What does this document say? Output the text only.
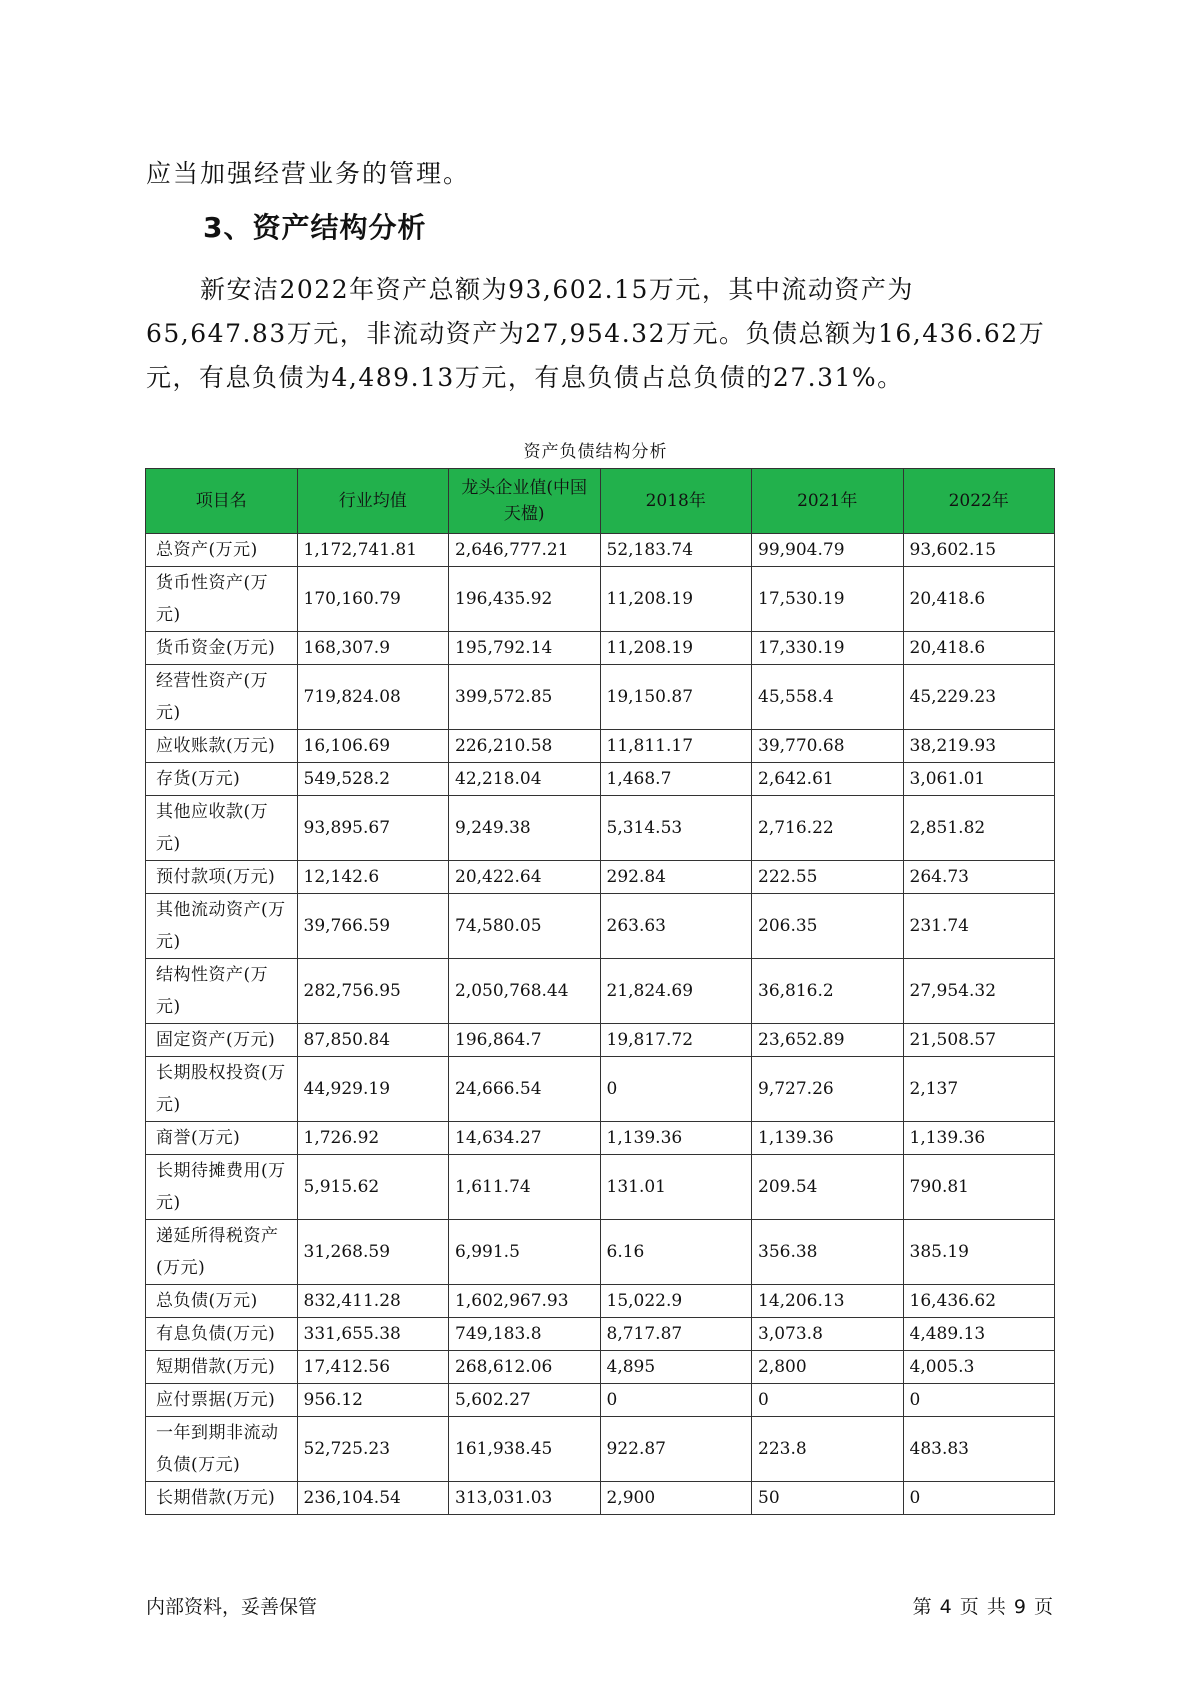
应当加强经营业务的管理。

3、资产结构分析

新安洁2022年资产总额为93,602.15万元，其中流动资产为65,647.83万元，非流动资产为27,954.32万元。负债总额为16,436.62万元，有息负债为4,489.13万元，有息负债占总负债的27.31%。

资产负债结构分析

项目名	行业均值	龙头企业值(中国天楹)	2018年	2021年	2022年
总资产(万元)	1,172,741.81	2,646,777.21	52,183.74	99,904.79	93,602.15
货币性资产(万元)	170,160.79	196,435.92	11,208.19	17,530.19	20,418.6
货币资金(万元)	168,307.9	195,792.14	11,208.19	17,330.19	20,418.6
经营性资产(万元)	719,824.08	399,572.85	19,150.87	45,558.4	45,229.23
应收账款(万元)	16,106.69	226,210.58	11,811.17	39,770.68	38,219.93
存货(万元)	549,528.2	42,218.04	1,468.7	2,642.61	3,061.01
其他应收款(万元)	93,895.67	9,249.38	5,314.53	2,716.22	2,851.82
预付款项(万元)	12,142.6	20,422.64	292.84	222.55	264.73
其他流动资产(万元)	39,766.59	74,580.05	263.63	206.35	231.74
结构性资产(万元)	282,756.95	2,050,768.44	21,824.69	36,816.2	27,954.32
固定资产(万元)	87,850.84	196,864.7	19,817.72	23,652.89	21,508.57
长期股权投资(万元)	44,929.19	24,666.54	0	9,727.26	2,137
商誉(万元)	1,726.92	14,634.27	1,139.36	1,139.36	1,139.36
长期待摊费用(万元)	5,915.62	1,611.74	131.01	209.54	790.81
递延所得税资产(万元)	31,268.59	6,991.5	6.16	356.38	385.19
总负债(万元)	832,411.28	1,602,967.93	15,022.9	14,206.13	16,436.62
有息负债(万元)	331,655.38	749,183.8	8,717.87	3,073.8	4,489.13
短期借款(万元)	17,412.56	268,612.06	4,895	2,800	4,005.3
应付票据(万元)	956.12	5,602.27	0	0	0
一年到期非流动负债(万元)	52,725.23	161,938.45	922.87	223.8	483.83
长期借款(万元)	236,104.54	313,031.03	2,900	50	0

内部资料，妥善保管	第 4 页 共 9 页
